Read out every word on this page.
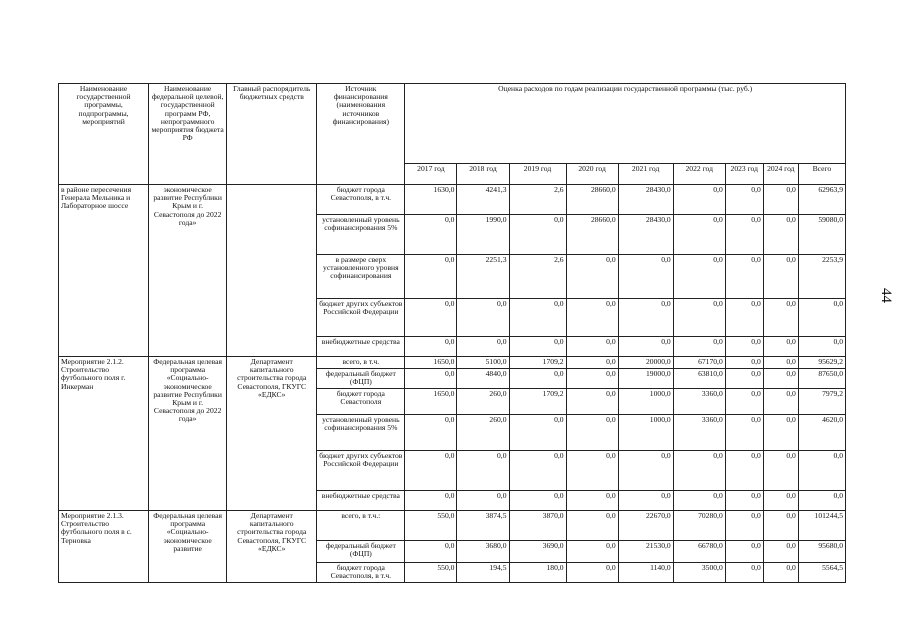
44
Наименование государственной программы, подпрограммы, мероприятий	Наименование федеральной целевой, государственной программ РФ, непрограммного мероприятия бюджета РФ	Главный распорядитель бюджетных средств	Источник финансирования (наименования источников финансирования)	Оценка расходов по годам реализации государственной программы (тыс. руб.)								
				2017 год	2018 год	2019 год	2020 год	2021 год	2022 год	2023 год	2024 год	Всего

в районе пересечения Генерала Мельника и Лабораторное шоссе	экономическое развитие Республики Крым и г. Севастополя до 2022 года»		бюджет города Севастополя, в т.ч.	1630,0	4241,3	2,6	28660,0	28430,0	0,0	0,0	0,0	62963,9
			установленный уровень софинансирования 5%	0,0	1990,0	0,0	28660,0	28430,0	0,0	0,0	0,0	59080,0
			в размере сверх установленного уровня софинансирования	0,0	2251,3	2,6	0,0	0,0	0,0	0,0	0,0	2253,9
			бюджет других субъектов Российской Федерации	0,0	0,0	0,0	0,0	0,0	0,0	0,0	0,0	0,0
			внебюджетные средства	0,0	0,0	0,0	0,0	0,0	0,0	0,0	0,0	0,0
Мероприятие 2.1.2. Строительство футбольного поля г. Инкерман	Федеральная целевая программа «Социально-экономическое развитие Республики Крым и г. Севастополя до 2022 года»	Департамент капитального строительства города Севастополя, ГКУГС «ЕДКС»	всего, в т.ч.	1650,0	5100,0	1709,2	0,0	20000,0	67170,0	0,0	0,0	95629,2
			федеральный бюджет (ФЦП)	0,0	4840,0	0,0	0,0	19000,0	63810,0	0,0	0,0	87650,0
			бюджет города Севастополя	1650,0	260,0	1709,2	0,0	1000,0	3360,0	0,0	0,0	7979,2
			установленный уровень софинансирования 5%	0,0	260,0	0,0	0,0	1000,0	3360,0	0,0	0,0	4620,0
			бюджет других субъектов Российской Федерации	0,0	0,0	0,0	0,0	0,0	0,0	0,0	0,0	0,0
			внебюджетные средства	0,0	0,0	0,0	0,0	0,0	0,0	0,0	0,0	0,0
Мероприятие 2.1.3. Строительство футбольного поля в с. Терновка	Федеральная целевая программа «Социально-экономическое развитие	Департамент капитального строительства города Севастополя, ГКУГС «ЕДКС»	всего, в т.ч.:	550,0	3874,5	3870,0	0,0	22670,0	70280,0	0,0	0,0	101244,5
			федеральный бюджет (ФЦП)	0,0	3680,0	3690,0	0,0	21530,0	66780,0	0,0	0,0	95680,0
			бюджет города Севастополя, в т.ч.	550,0	194,5	180,0	0,0	1140,0	3500,0	0,0	0,0	5564,5
